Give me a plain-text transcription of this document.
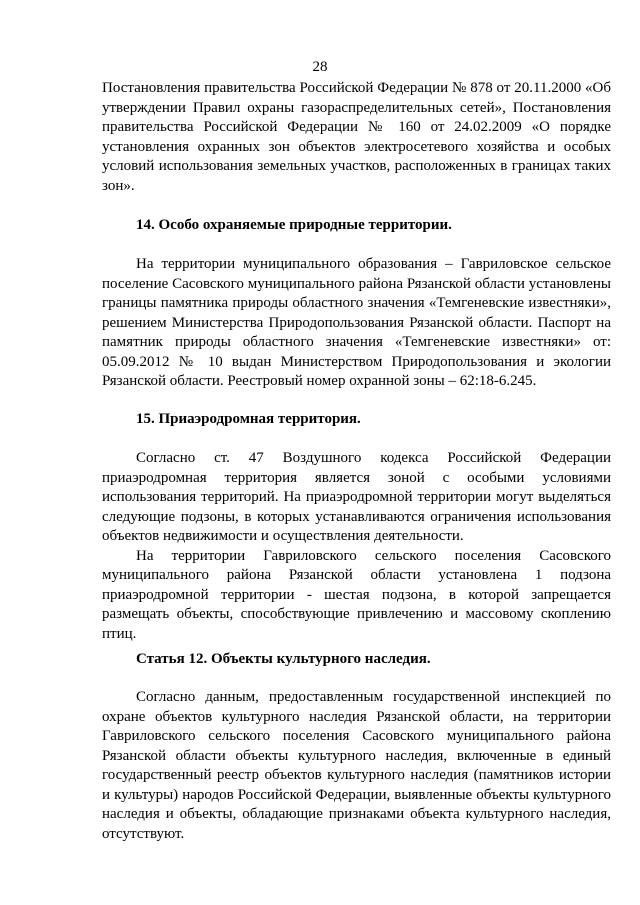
28

Постановления правительства Российской Федерации № 878 от 20.11.2000 «Об утверждении Правил охраны газораспределительных сетей», Постановления правительства Российской Федерации № 160 от 24.02.2009 «О порядке установления охранных зон объектов электросетевого хозяйства и особых условий использования земельных участков, расположенных в границах таких зон».

14. Особо охраняемые природные территории.

На территории муниципального образования – Гавриловское сельское поселение Сасовского муниципального района Рязанской области установлены границы памятника природы областного значения «Темгеневские известняки», решением Министерства Природопользования Рязанской области. Паспорт на памятник природы областного значения «Темгеневские известняки» от: 05.09.2012 № 10 выдан Министерством Природопользования и экологии Рязанской области. Реестровый номер охранной зоны – 62:18-6.245.

15. Приаэродромная территория.

Согласно ст. 47 Воздушного кодекса Российской Федерации приаэродромная территория является зоной с особыми условиями использования территорий. На приаэродромной территории могут выделяться следующие подзоны, в которых устанавливаются ограничения использования объектов недвижимости и осуществления деятельности.

На территории Гавриловского сельского поселения Сасовского муниципального района Рязанской области установлена 1 подзона приаэродромной территории - шестая подзона, в которой запрещается размещать объекты, способствующие привлечению и массовому скоплению птиц.

Статья 12. Объекты культурного наследия.

Согласно данным, предоставленным государственной инспекцией по охране объектов культурного наследия Рязанской области, на территории Гавриловского сельского поселения Сасовского муниципального района Рязанской области объекты культурного наследия, включенные в единый государственный реестр объектов культурного наследия (памятников истории и культуры) народов Российской Федерации, выявленные объекты культурного наследия и объекты, обладающие признаками объекта культурного наследия, отсутствуют.
